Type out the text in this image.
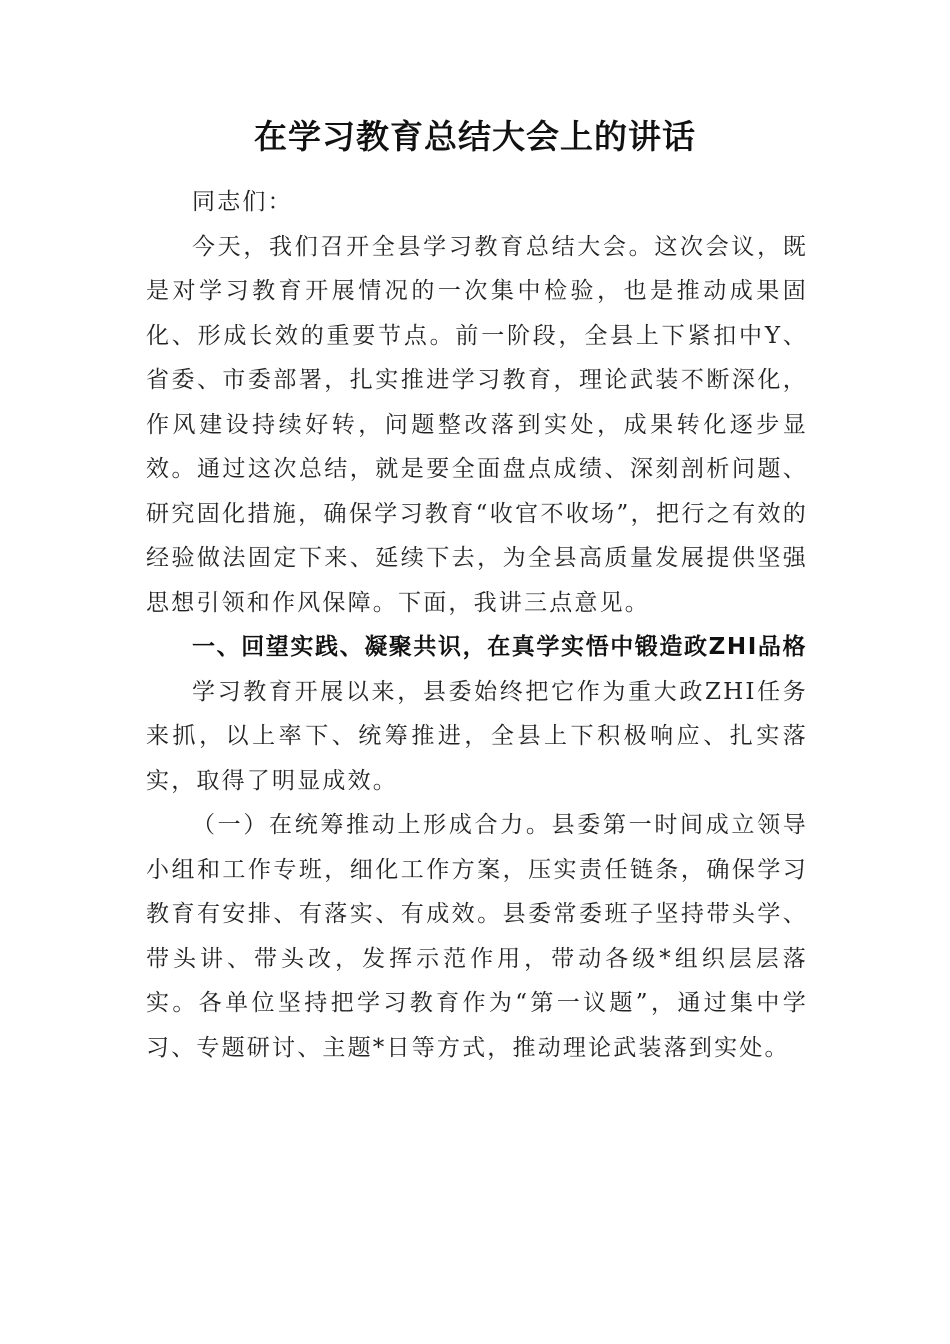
在学习教育总结大会上的讲话

同志们：

今天，我们召开全县学习教育总结大会。这次会议，既是对学习教育开展情况的一次集中检验，也是推动成果固化、形成长效的重要节点。前一阶段，全县上下紧扣中Y、省委、市委部署，扎实推进学习教育，理论武装不断深化，作风建设持续好转，问题整改落到实处，成果转化逐步显效。通过这次总结，就是要全面盘点成绩、深刻剖析问题、研究固化措施，确保学习教育“收官不收场”，把行之有效的经验做法固定下来、延续下去，为全县高质量发展提供坚强思想引领和作风保障。下面，我讲三点意见。

一、回望实践、凝聚共识，在真学实悟中锻造政ZHI品格

学习教育开展以来，县委始终把它作为重大政ZHI任务来抓，以上率下、统筹推进，全县上下积极响应、扎实落实，取得了明显成效。

（一）在统筹推动上形成合力。县委第一时间成立领导小组和工作专班，细化工作方案，压实责任链条，确保学习教育有安排、有落实、有成效。县委常委班子坚持带头学、带头讲、带头改，发挥示范作用，带动各级*组织层层落实。各单位坚持把学习教育作为“第一议题”，通过集中学习、专题研讨、主题*日等方式，推动理论武装落到实处。
